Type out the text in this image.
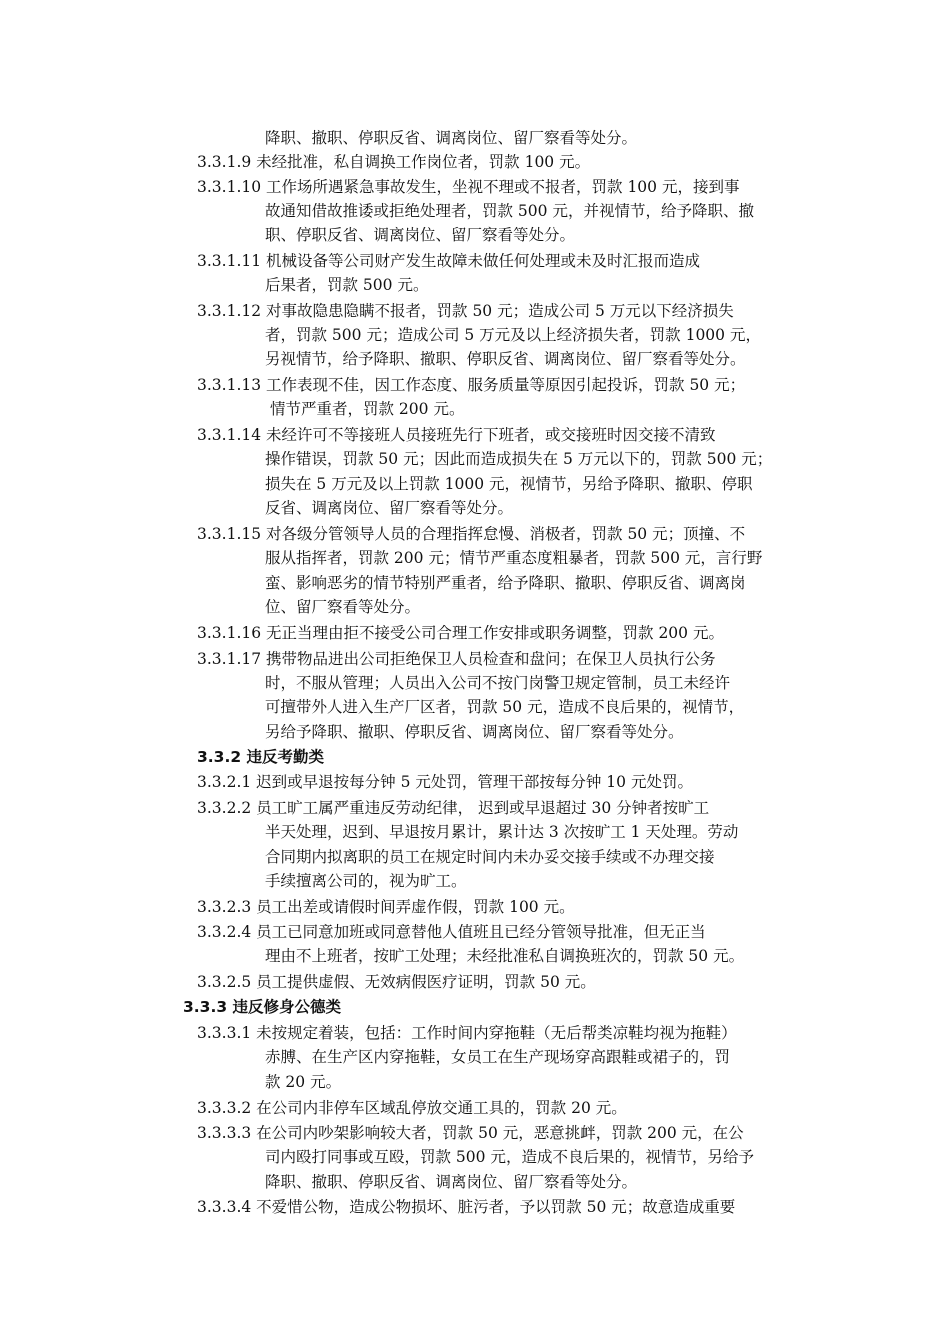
降职、撤职、停职反省、调离岗位、留厂察看等处分。
3.3.1.9 未经批准，私自调换工作岗位者，罚款 100 元。
3.3.1.10 工作场所遇紧急事故发生，坐视不理或不报者，罚款 100 元，接到事
故通知借故推诿或拒绝处理者，罚款 500 元，并视情节，给予降职、撤
职、停职反省、调离岗位、留厂察看等处分。
3.3.1.11 机械设备等公司财产发生故障未做任何处理或未及时汇报而造成
后果者，罚款 500 元。
3.3.1.12 对事故隐患隐瞒不报者，罚款 50 元；造成公司 5 万元以下经济损失
者，罚款 500 元；造成公司 5 万元及以上经济损失者，罚款 1000 元，
另视情节，给予降职、撤职、停职反省、调离岗位、留厂察看等处分。
3.3.1.13 工作表现不佳，因工作态度、服务质量等原因引起投诉，罚款 50 元；
情节严重者，罚款 200 元。
3.3.1.14 未经许可不等接班人员接班先行下班者，或交接班时因交接不清致
操作错误，罚款 50 元；因此而造成损失在 5 万元以下的，罚款 500 元；
损失在 5 万元及以上罚款 1000 元，视情节，另给予降职、撤职、停职
反省、调离岗位、留厂察看等处分。
3.3.1.15 对各级分管领导人员的合理指挥怠慢、消极者，罚款 50 元；顶撞、不
服从指挥者，罚款 200 元；情节严重态度粗暴者，罚款 500 元，言行野
蛮、影响恶劣的情节特别严重者，给予降职、撤职、停职反省、调离岗
位、留厂察看等处分。
3.3.1.16 无正当理由拒不接受公司合理工作安排或职务调整，罚款 200 元。
3.3.1.17 携带物品进出公司拒绝保卫人员检查和盘问；在保卫人员执行公务
时，不服从管理；人员出入公司不按门岗警卫规定管制，员工未经许
可擅带外人进入生产厂区者，罚款 50 元，造成不良后果的，视情节，
另给予降职、撤职、停职反省、调离岗位、留厂察看等处分。
3.3.2 违反考勤类
3.3.2.1 迟到或早退按每分钟 5 元处罚，管理干部按每分钟 10 元处罚。
3.3.2.2 员工旷工属严重违反劳动纪律， 迟到或早退超过 30 分钟者按旷工
半天处理，迟到、早退按月累计，累计达 3 次按旷工 1 天处理。劳动
合同期内拟离职的员工在规定时间内未办妥交接手续或不办理交接
手续擅离公司的，视为旷工。
3.3.2.3 员工出差或请假时间弄虚作假，罚款 100 元。
3.3.2.4 员工已同意加班或同意替他人值班且已经分管领导批准，但无正当
理由不上班者，按旷工处理；未经批准私自调换班次的，罚款 50 元。
3.3.2.5 员工提供虚假、无效病假医疗证明，罚款 50 元。
3.3.3 违反修身公德类
3.3.3.1 未按规定着装，包括：工作时间内穿拖鞋（无后帮类凉鞋均视为拖鞋）
赤膊、在生产区内穿拖鞋，女员工在生产现场穿高跟鞋或裙子的，罚
款 20 元。
3.3.3.2 在公司内非停车区域乱停放交通工具的，罚款 20 元。
3.3.3.3 在公司内吵架影响较大者，罚款 50 元，恶意挑衅，罚款 200 元，在公
司内殴打同事或互殴，罚款 500 元，造成不良后果的，视情节，另给予
降职、撤职、停职反省、调离岗位、留厂察看等处分。
3.3.3.4 不爱惜公物，造成公物损坏、脏污者，予以罚款 50 元；故意造成重要
